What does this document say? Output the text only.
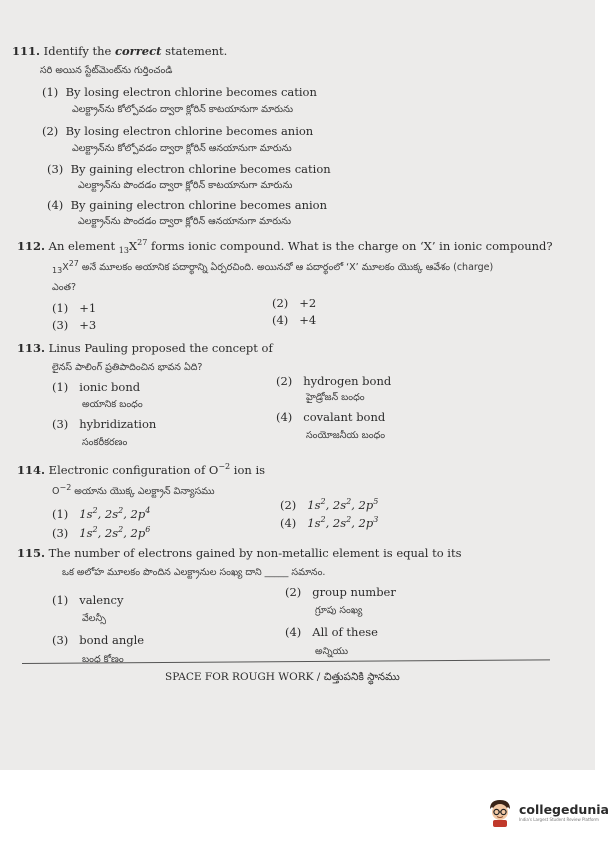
111. Identify the correct statement.
సరి అయిన స్టేట్‌మెంట్‌ను గుర్తించండి
(1) By losing electron chlorine becomes cation
ఎలక్ట్రాన్‌ను కోల్పోవడం ద్వారా క్లోరిన్ కాటయానుగా మారును
(2) By losing electron chlorine becomes anion
ఎలక్ట్రాన్‌ను కోల్పోవడం ద్వారా క్లోరిన్ ఆనయానుగా మారును
(3) By gaining electron chlorine becomes cation
ఎలక్ట్రాన్‌ను పొందడం ద్వారా క్లోరిన్ కాటయానుగా మారును
(4) By gaining electron chlorine becomes anion
ఎలక్ట్రాన్‌ను పొందడం ద్వారా క్లోరిన్ ఆనయానుగా మారును
112. An element $_{13}X^{27}$ forms ionic compound. What is the charge on ‘X’ in ionic compound?
$_{13}X^{27}$ అనే మూలకం అయానిక పదార్థాన్ని ఏర్పరచింది. అయినచో ఆ పదార్థంలో ‘X’ మూలకం యొక్క ఆవేశం (charge)
ఎంత?
(1) +1	(2) +2
(3) +3	(4) +4
113. Linus Pauling proposed the concept of
లైనస్ పాలింగ్ ప్రతిపాదించిన భావన ఏది?
(1) ionic bond
అయానిక బంధం
(2) hydrogen bond
హైడ్రోజన్ బంధం
(3) hybridization
సంకరీకరణం
(4) covalant bond
సంయోజనీయ బంధం
114. Electronic configuration of $O^{-2}$ ion is
$O^{-2}$ అయాను యొక్క ఎలక్ట్రాన్ విన్యాసము
(1) $1s^2$, $2s^2$, $2p^4$	(2) $1s^2$, $2s^2$, $2p^5$
(3) $1s^2$, $2s^2$, $2p^6$	(4) $1s^2$, $2s^2$, $2p^3$
115. The number of electrons gained by non-metallic element is equal to its
ఒక అలోహ మూలకం పొందిన ఎలక్ట్రానుల సంఖ్య దాని _____ సమానం.
(1) valency
వేలన్సీ
(2) group number
గ్రూపు సంఖ్య
(3) bond angle
బంధ కోణం
(4) All of these
అన్నియు
SPACE FOR ROUGH WORK / చిత్తుపనికి స్థానము
collegedunia
India's Largest Student Review Platform
